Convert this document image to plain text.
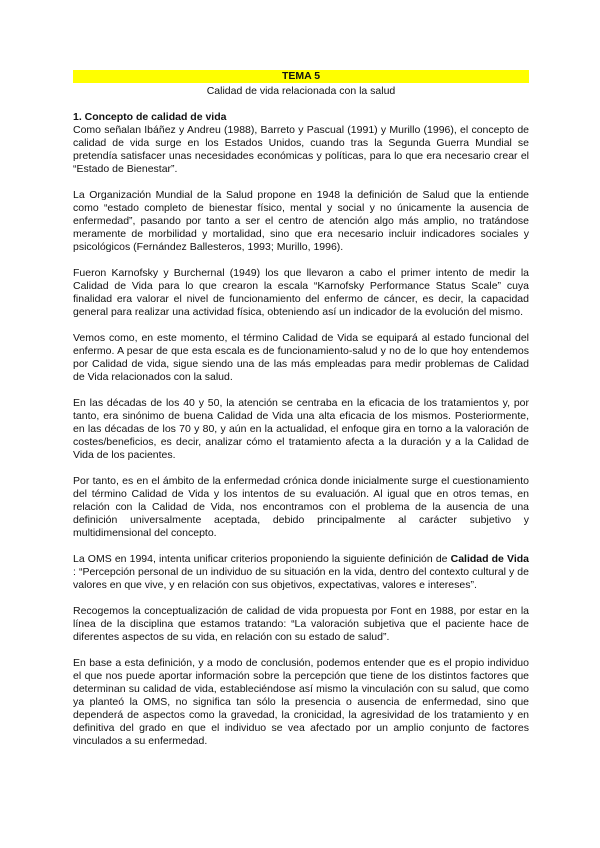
TEMA 5
Calidad de vida relacionada con la salud
1. Concepto de calidad de vida

Como señalan Ibáñez y Andreu (1988), Barreto y Pascual (1991) y Murillo (1996), el concepto de calidad de vida surge en los Estados Unidos, cuando tras la Segunda Guerra Mundial se pretendía satisfacer unas necesidades económicas y políticas, para lo que era necesario crear el “Estado de Bienestar”.

La Organización Mundial de la Salud propone en 1948 la definición de Salud que la entiende como “estado completo de bienestar físico, mental y social y no únicamente la ausencia de enfermedad”, pasando por tanto a ser el centro de atención algo más amplio, no tratándose meramente de morbilidad y mortalidad, sino que era necesario incluir indicadores sociales y psicológicos (Fernández Ballesteros, 1993; Murillo, 1996).

Fueron Karnofsky y Burchernal (1949) los que llevaron a cabo el primer intento de medir la Calidad de Vida para lo que crearon la escala “Karnofsky Performance Status Scale” cuya finalidad era valorar el nivel de funcionamiento del enfermo de cáncer, es decir, la capacidad general para realizar una actividad física, obteniendo así un indicador de la evolución del mismo.

Vemos como, en este momento, el término Calidad de Vida se equipará al estado funcional del enfermo. A pesar de que esta escala es de funcionamiento-salud y no de lo que hoy entendemos por Calidad de vida, sigue siendo una de las más empleadas para medir problemas de Calidad de Vida relacionados con la salud.

En las décadas de los 40 y 50, la atención se centraba en la eficacia de los tratamientos y, por tanto, era sinónimo de buena Calidad de Vida una alta eficacia de los mismos. Posteriormente, en las décadas de los 70 y 80, y aún en la actualidad, el enfoque gira en torno a la valoración de costes/beneficios, es decir, analizar cómo el tratamiento afecta a la duración y a la Calidad de Vida de los pacientes.

Por tanto, es en el ámbito de la enfermedad crónica donde inicialmente surge el cuestionamiento del término Calidad de Vida y los intentos de su evaluación. Al igual que en otros temas, en relación con la Calidad de Vida, nos encontramos con el problema de la ausencia de una definición universalmente aceptada, debido principalmente al carácter subjetivo y multidimensional del concepto.

La OMS en 1994, intenta unificar criterios proponiendo la siguiente definición de Calidad de Vida : “Percepción personal de un individuo de su situación en la vida, dentro del contexto cultural y de valores en que vive, y en relación con sus objetivos, expectativas, valores e intereses”.

Recogemos la conceptualización de calidad de vida propuesta por Font en 1988, por estar en la línea de la disciplina que estamos tratando: “La valoración subjetiva que el paciente hace de diferentes aspectos de su vida, en relación con su estado de salud”.

En base a esta definición, y a modo de conclusión, podemos entender que es el propio individuo el que nos puede aportar información sobre la percepción que tiene de los distintos factores que determinan su calidad de vida, estableciéndose así mismo la vinculación con su salud, que como ya planteó la OMS, no significa tan sólo la presencia o ausencia de enfermedad, sino que dependerá de aspectos como la gravedad, la cronicidad, la agresividad de los tratamiento y en definitiva del grado en que el individuo se vea afectado por un amplio conjunto de factores vinculados a su enfermedad.
